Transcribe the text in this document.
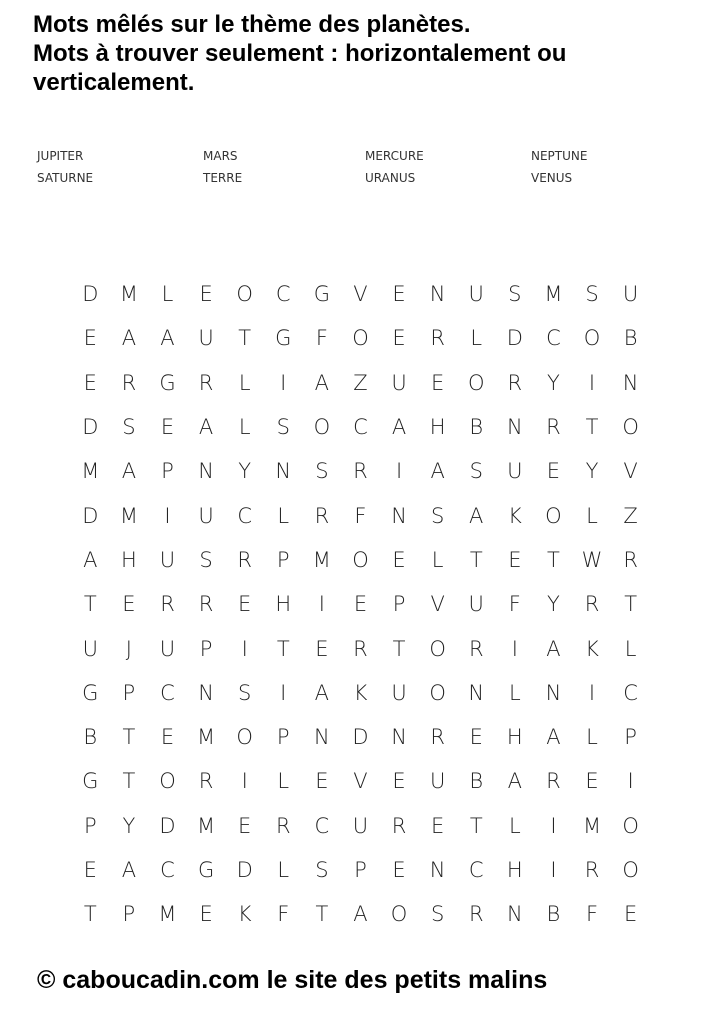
Mots mêlés sur le thème des planètes.
Mots à trouver seulement : horizontalement ou
verticalement.
JUPITER	MARS	MERCURE	NEPTUNE
SATURNE	TERRE	URANUS	VENUS
D	M	L	E	O	C	G	V	E	N	U	S	M	S	U
E	A	A	U	T	G	F	O	E	R	L	D	C	O	B
E	R	G	R	L	I	A	Z	U	E	O	R	Y	I	N
D	S	E	A	L	S	O	C	A	H	B	N	R	T	O
M	A	P	N	Y	N	S	R	I	A	S	U	E	Y	V
D	M	I	U	C	L	R	F	N	S	A	K	O	L	Z
A	H	U	S	R	P	M	O	E	L	T	E	T	W R
T	E	R	R	E	H	I	E	P	V	U	F	Y	R	T
U	J	U	P	I	T	E	R	T	O	R	I	A	K	L
G	P	C	N	S	I	A	K	U	O	N	L	N	I	C
B	T	E	M	O	P	N	D	N	R	E	H	A	L	P
G	T	O	R	I	L	E	V	E	U	B	A	R	E	I
P	Y	D	M	E	R	C	U	R	E	T	L	I	M	O
E	A	C	G	D	L	S	P	E	N	C	H	I	R	O
T	P	M	E	K	F	T	A	O	S	R	N	B	F	E
© caboucadin.com le site des petits malins
